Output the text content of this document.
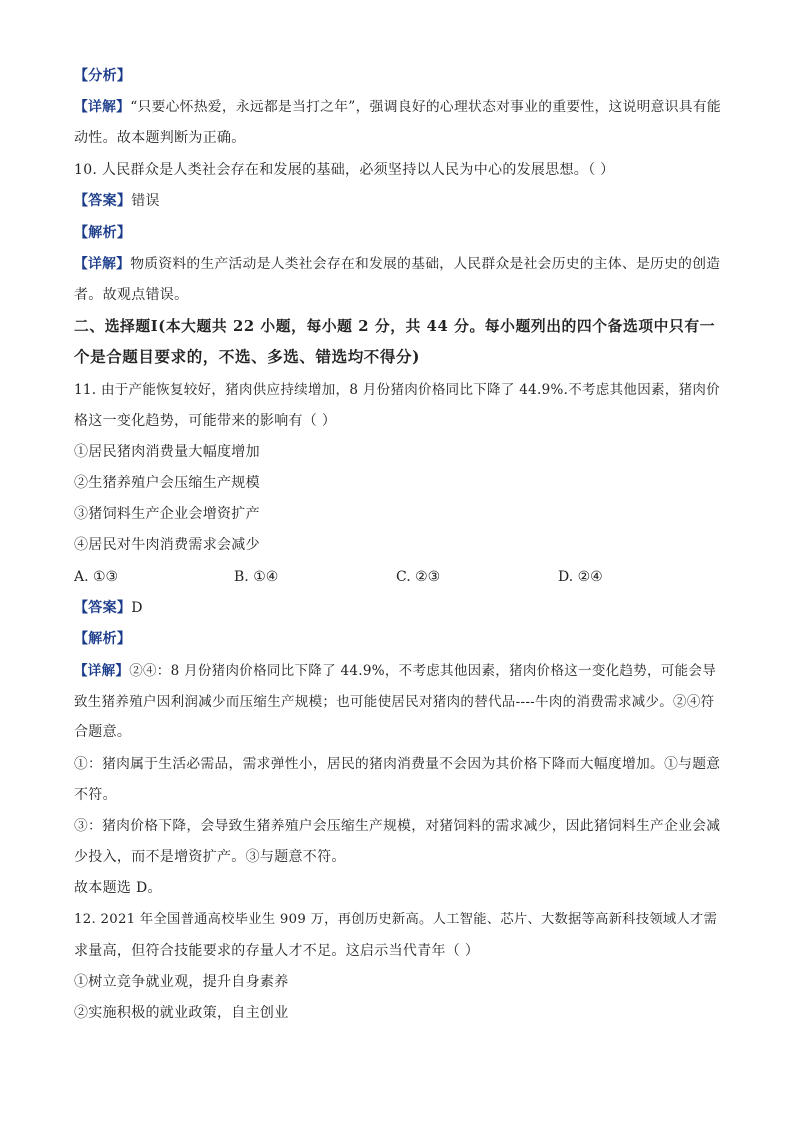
【分析】
【详解】“只要心怀热爱，永远都是当打之年”，强调良好的心理状态对事业的重要性，这说明意识具有能
动性。故本题判断为正确。
10. 人民群众是人类社会存在和发展的基础，必须坚持以人民为中心的发展思想。（ ）
【答案】错误
【解析】
【详解】物质资料的生产活动是人类社会存在和发展的基础，人民群众是社会历史的主体、是历史的创造
者。故观点错误。
二、选择题Ⅰ(本大题共 22 小题，每小题 2 分，共 44 分。每小题列出的四个备选项中只有一
个是合题目要求的，不选、多选、错选均不得分)
11. 由于产能恢复较好，猪肉供应持续增加，8 月份猪肉价格同比下降了 44.9%.不考虑其他因素，猪肉价
格这一变化趋势，可能带来的影响有（ ）
①居民猪肉消费量大幅度增加
②生猪养殖户会压缩生产规模
③猪饲料生产企业会增资扩产
④居民对牛肉消费需求会减少
A. ①③	B. ①④	C. ②③	D. ②④
【答案】D
【解析】
【详解】②④：8 月份猪肉价格同比下降了 44.9%，不考虑其他因素，猪肉价格这一变化趋势，可能会导
致生猪养殖户因利润减少而压缩生产规模；也可能使居民对猪肉的替代品----牛肉的消费需求减少。②④符
合题意。
①：猪肉属于生活必需品，需求弹性小，居民的猪肉消费量不会因为其价格下降而大幅度增加。①与题意
不符。
③：猪肉价格下降，会导致生猪养殖户会压缩生产规模，对猪饲料的需求减少，因此猪饲料生产企业会减
少投入，而不是增资扩产。③与题意不符。
故本题选 D。
12. 2021 年全国普通高校毕业生 909 万，再创历史新高。人工智能、芯片、大数据等高新科技领域人才需
求量高，但符合技能要求的存量人才不足。这启示当代青年（ ）
①树立竞争就业观，提升自身素养
②实施积极的就业政策，自主创业
